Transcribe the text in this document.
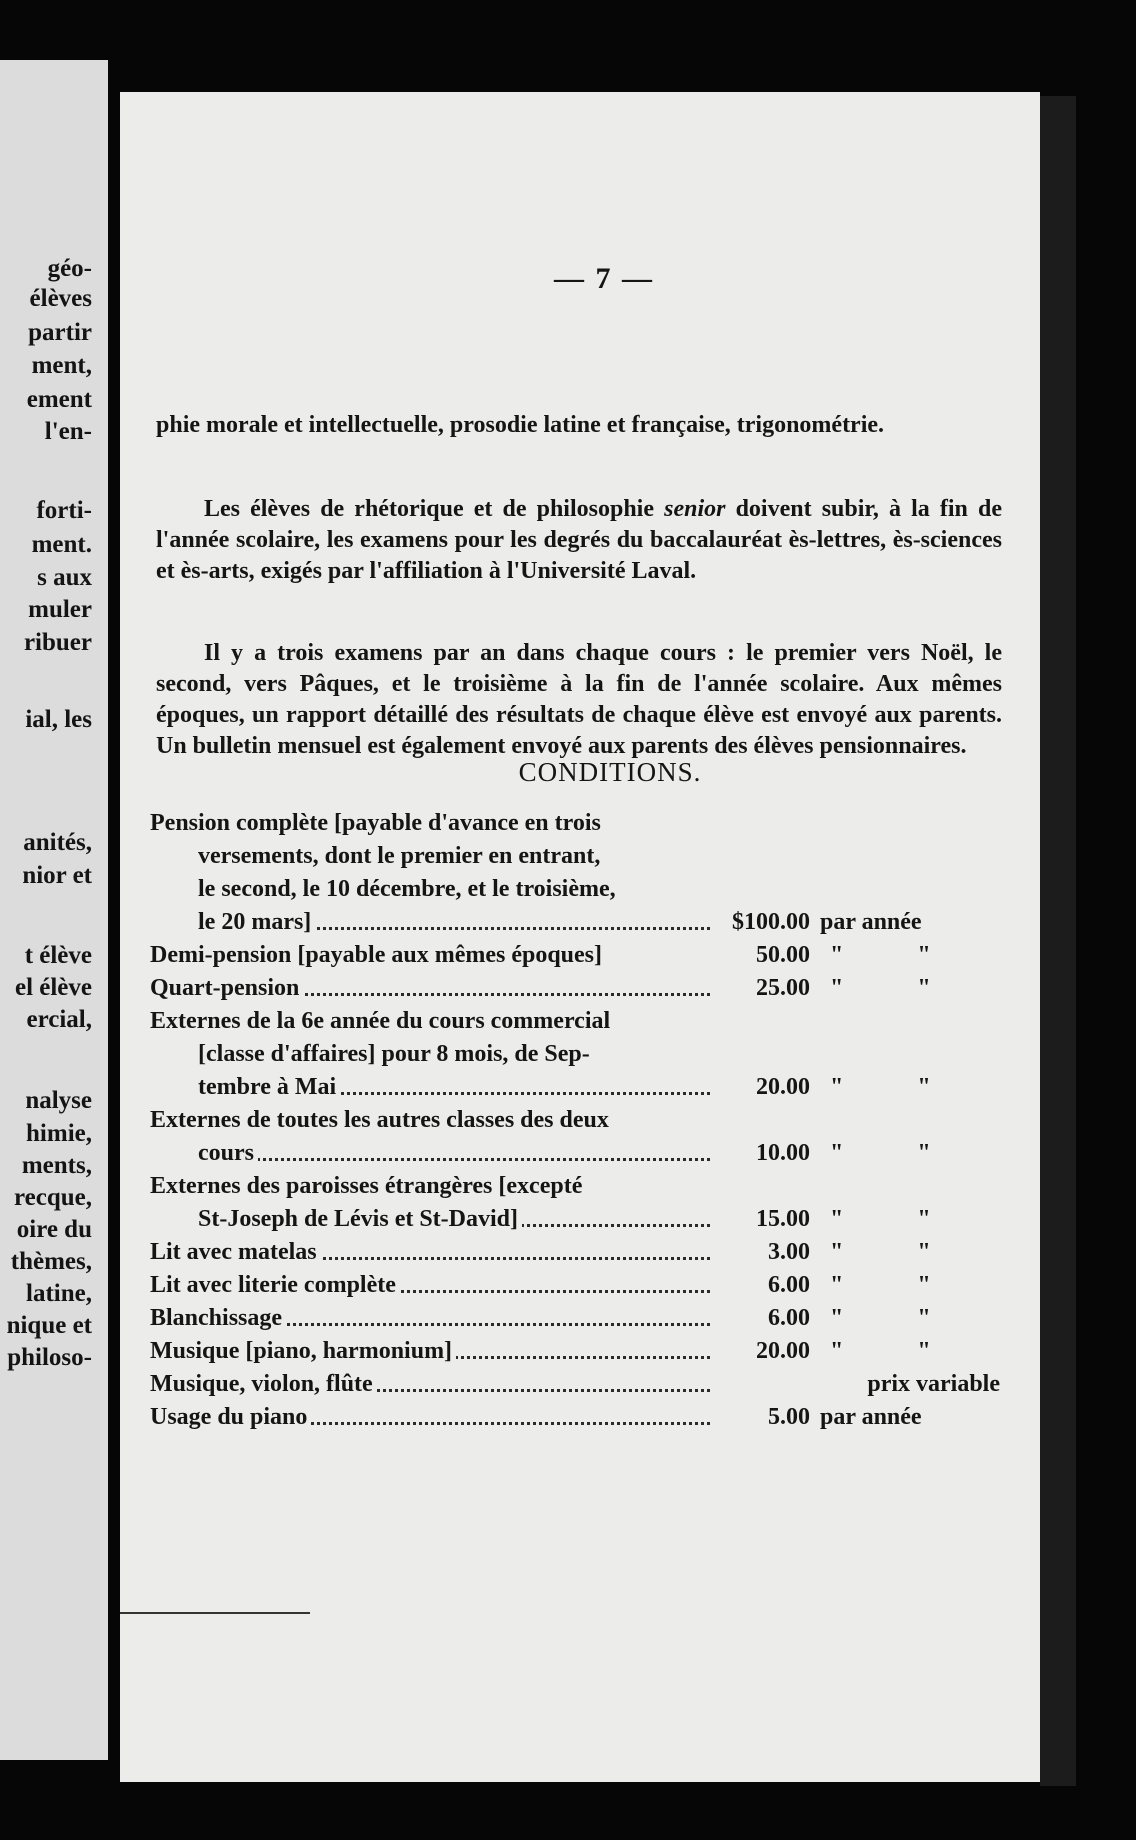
géo-
élèves
partir
ment,
ement
l'en-
forti-
ment.
s aux
muler
ribuer
ial, les
anités,
nior et
t élève
el élève
ercial,
nalyse
himie,
ments,
recque,
oire du
thèmes,
latine,
nique et
philoso-
— 7 —
phie morale et intellectuelle, prosodie latine et française, trigonométrie.
Les élèves de rhétorique et de philosophie senior doivent subir, à la fin de l'année scolaire, les examens pour les degrés du baccalauréat ès-lettres, ès-sciences et ès-arts, exigés par l'affiliation à l'Université Laval.
Il y a trois examens par an dans chaque cours : le premier vers Noël, le second, vers Pâques, et le troisième à la fin de l'année scolaire. Aux mêmes époques, un rapport détaillé des résultats de chaque élève est envoyé aux parents. Un bulletin mensuel est également envoyé aux parents des élèves pensionnaires.
CONDITIONS.
Pension complète [payable d'avance en trois
versements, dont le premier en entrant,
le second, le 10 décembre, et le troisième,
le 20 mars]	$100.00 par année
Demi-pension [payable aux mêmes époques]	50.00 " "
Quart-pension	25.00 " "
Externes de la 6e année du cours commercial
[classe d'affaires] pour 8 mois, de Sep-
tembre à Mai	20.00 " "
Externes de toutes les autres classes des deux
cours	10.00 " "
Externes des paroisses étrangères [excepté
St-Joseph de Lévis et St-David]	15.00 " "
Lit avec matelas	3.00 " "
Lit avec literie complète	6.00 " "
Blanchissage	6.00 " "
Musique [piano, harmonium]	20.00 " "
Musique, violon, flûte	prix variable
Usage du piano	5.00 par année
